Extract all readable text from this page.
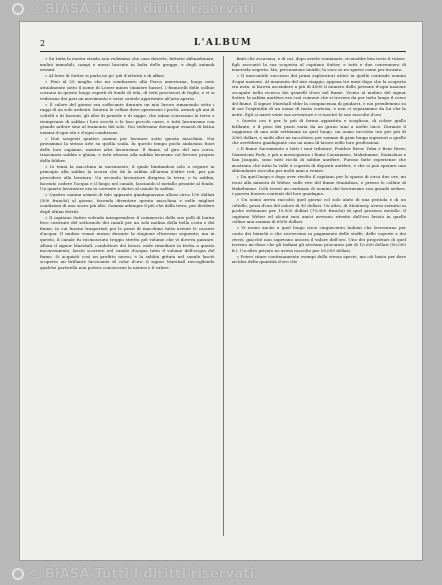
© BiASA Tutti i diritti riservati
2	L'ALBUM

« Su tutta la nostra strada non vedemmo che case deserte, fattorie abbandonate, mulini immobili, campi e messi lasciate in balia delle gregge, e degli animali erranti.

« Al forte di Sutter si parla ne po' più d'attività e di affari.

« Fino al 25 maglio che mi condussero alla Forca americana, luogo noto attualmente sotto il nome di Lower mines (miniere basse). I fiumicelli delle colline corrono in questo luogo esperti di tende di tela, di tetti provvisori di foglie, e vi si vedevano dei pari un movimento e varie cautele apprestate all'aria aperta.

« Il calore del giorno era soffocante durante un mio lavoro rimanendo sotto i raggi di un sole ardente. Intorno le colline dove operavano i pochi, armati gli uni di coltelli e di bastoni, gli altri di pentole e di zappe, che taluni scavavano la terra e riempivano di sabbia i loro secchi e le loro piccole casse, e tutti lavoravano con grande ardore sino al tramonto del sole. Noi vedevamo dovunque esausti di fatica uomini d'ogni età e d'ogni condizione.

« Due sorgenti quattro uomini per lavorare sotto questa macchina. Noi provammo la stessa arte su quella scala. In questo tempo pochi andavano fuori delle loro capanne, mentre altri lavoravano. Il fiume, al giro del suo corso, trascinava sabbia e ghiaia, e tutti attorno alla sabbia lavavano col fervore proprio della febbre.

« Io tenni la macchina in movimento, il quale limitandosi solo a seguire in principio alla sabbia la scorza che dà la sabbia all'arena d'altre reti, per poi procedere alla lavatura. Un secondo lavoratore dirigeva la terra, e la sabbia, facendo cadere l'acqua e il fango nel canale, lasciando il metallo pesante al fondo. Un quarto lavoratore era in corrente e dietro al canale la sabbia.

« Quattro uomini armati di tale apparato guadagnavano allora circa 100 dollari (500 franchi) al giorno, facendo diventare questa macchina e nelle migliori condizioni di uno scavo più alto. Somma adunque il più che dalla terra, per dividere degli ultimi detriti.

« Il capitano Sutter volendo intraprendere il commercio delle sue pelli di lontra fece costruire del sottosuolo dei canali per un solo mulino della bella costa e dei fiume, in cui furono trasportati poi lo pezzi di macchina tutta avente le cascate d'acqua. Il mulino venne mosso durante la stagione d'inverno seguente; ma in questo, il canale fu riconosciuto troppo stretto pel volume che vi doveva passare. Allora il signor Marshall, conduttore dei lavori, onde rimediare in fretta a questo inconveniente, lasciò scorrere nel canale d'acqua tutto il volume dell'acqua del fiume. Si acquistò così un profitto nuovo, e la sabbia gittata nel canale lasciò scoperto un brillante luccicante di color d'oro: il signor Marshall raccogliendo qualche particella non poteva conoscerne la natura e il valore.

finiti che escavano, e di cui, dopo averle esaminate, riconobbe ben tosto il valore. Egli raccontò la sua scoperta al capitano Sutter, e tutti e due convennero di tenersela segreta. Ma, precauzione inutile; la voce se ne sparse come per incanto.

« Il mercantile successo dei primi esploratori attirò in quelle contrade uomini d'ogni nazione. Al momento del mio viaggio, appena tre mesi dopo che la scoperta era nota, si faceva ascendere a più di 4000 il numero delle persone d'ogni nazione occupate nella ricerca dei granelli d'oro nel fiume. Vicino al mulino del signor Sutter, la sabbia aurifera era così comune che si trovava da per tutto lungo il corso del fiume. Il signor Marshall ebbe la compiacenza di guidarci, e noi prendemmo su di noi l'ospitalità di un uomo di tanta cortesia, e non ci separammo da lui che la notte. Egli ci narrò varie sue avventure e ci mostrò le sue raccolte d'oro.

« Questo oro è per lo più di forma appiattita e scagliosa, di colore giallo brillante, e il peso dei pezzi varia da un grano sino a molte once. Durante il soggiorno di una sola settimana in quel luogo, un uomo raccolse oro per più di 2000 dollari, e molti altri ne raccolsero per somme di gran lunga superiori a quelle che avrebbero guadagnate con un anno di lavoro nelle loro professioni.

« Il fiume Sacramento e tutti i suoi tributari, Feather River, Yuba e Bear River, l'American Fork, e più a mezzogiorno i fiumi Consumnes, Mokelumne, Stanislaus e San Joaquin, sono tutti ricchi di sabbie aurifere. Furono fatte esperienze che mostrano che tutta la valle è coperta di depositi auriferi, e che si può sperare una abbondante raccolta per molti anni a venire.

« Da quel luogo e dopo aver rivolto il capitano per lo spazio di circa due ore, mi recai alla miniera di Weber, sulle rive del fiume Stanislaus, e presso le colline di Mokelumne. Colà trovai un centinaio di uomini che lavoravano con grande ardore, e pareva fossero contenti del loro guadagno.

« Un uomo aveva raccolto quel giorno col solo aiuto di una pentola e di un coltello, pezzi d'oro del valore di 90 dollari. Un altro, di Monterey, aveva estratto in poche settimane per 15,000 dollari (75,000 franchi) di quel prezioso metallo. Il capitano Weber ed alcuni suoi amici avevano ritratto dall'oro lavato in quelle colline una somma di 6000 dollari.

« Vi erano anche a quel luogo circa cinquecento Indiani che lavoravano per conto dei bianchi e che ricevevano in pagamento delle stoffe, delle coperte e dei viveri, giacché non sapevano ancora il valore dell'oro. Uno dei proprietari di quel terreno mi disse che gli Indiani gli avevano procurato più di 10,000 dollari (50,000 fr.). Un altro privato ne aveva raccolto per 16,000 dollari.

« Potrei citare continuamente esempi della stessa specie, ma ciò basta per dare un'idea della quantità d'oro che

© BiASA Tutti i diritti riservati
